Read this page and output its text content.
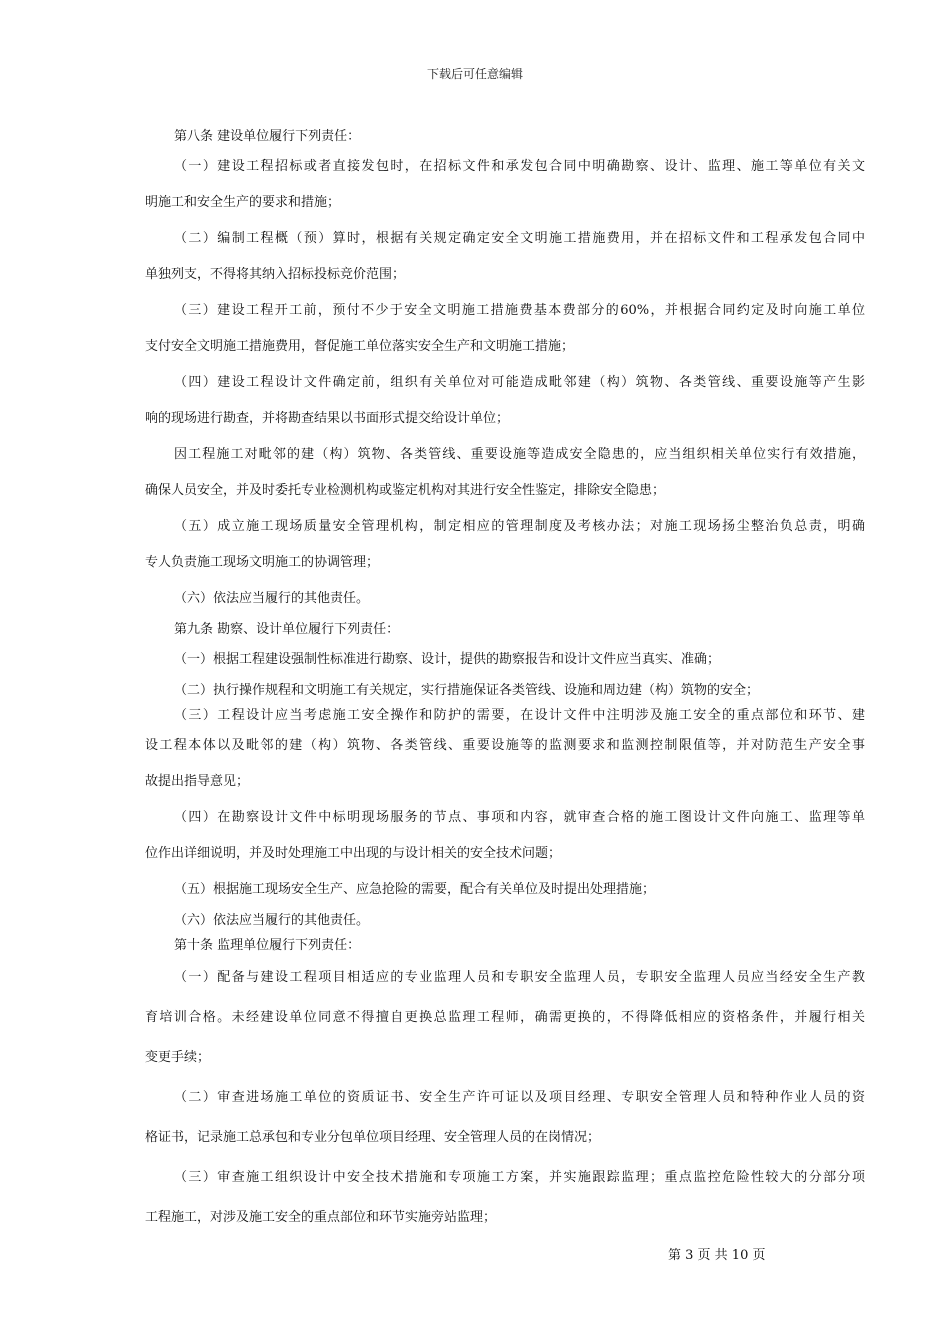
下载后可任意编辑
第八条 建设单位履行下列责任：
（一）建设工程招标或者直接发包时，在招标文件和承发包合同中明确勘察、设计、监理、施工等单位有关文
明施工和安全生产的要求和措施；
（二）编制工程概（预）算时，根据有关规定确定安全文明施工措施费用，并在招标文件和工程承发包合同中
单独列支，不得将其纳入招标投标竞价范围；
（三）建设工程开工前，预付不少于安全文明施工措施费基本费部分的60%，并根据合同约定及时向施工单位
支付安全文明施工措施费用，督促施工单位落实安全生产和文明施工措施；
（四）建设工程设计文件确定前，组织有关单位对可能造成毗邻建（构）筑物、各类管线、重要设施等产生影
响的现场进行勘查，并将勘查结果以书面形式提交给设计单位；
因工程施工对毗邻的建（构）筑物、各类管线、重要设施等造成安全隐患的，应当组织相关单位实行有效措施，
确保人员安全，并及时委托专业检测机构或鉴定机构对其进行安全性鉴定，排除安全隐患；
（五）成立施工现场质量安全管理机构，制定相应的管理制度及考核办法；对施工现场扬尘整治负总责，明确
专人负责施工现场文明施工的协调管理；
（六）依法应当履行的其他责任。
第九条 勘察、设计单位履行下列责任：
（一）根据工程建设强制性标准进行勘察、设计，提供的勘察报告和设计文件应当真实、准确；
（二）执行操作规程和文明施工有关规定，实行措施保证各类管线、设施和周边建（构）筑物的安全；
（三）工程设计应当考虑施工安全操作和防护的需要，在设计文件中注明涉及施工安全的重点部位和环节、建
设工程本体以及毗邻的建（构）筑物、各类管线、重要设施等的监测要求和监测控制限值等，并对防范生产安全事
故提出指导意见；
（四）在勘察设计文件中标明现场服务的节点、事项和内容，就审查合格的施工图设计文件向施工、监理等单
位作出详细说明，并及时处理施工中出现的与设计相关的安全技术问题；
（五）根据施工现场安全生产、应急抢险的需要，配合有关单位及时提出处理措施；
（六）依法应当履行的其他责任。
第十条 监理单位履行下列责任：
（一）配备与建设工程项目相适应的专业监理人员和专职安全监理人员，专职安全监理人员应当经安全生产教
育培训合格。未经建设单位同意不得擅自更换总监理工程师，确需更换的，不得降低相应的资格条件，并履行相关
变更手续；
（二）审查进场施工单位的资质证书、安全生产许可证以及项目经理、专职安全管理人员和特种作业人员的资
格证书，记录施工总承包和专业分包单位项目经理、安全管理人员的在岗情况；
（三）审查施工组织设计中安全技术措施和专项施工方案，并实施跟踪监理；重点监控危险性较大的分部分项
工程施工，对涉及施工安全的重点部位和环节实施旁站监理；
第 3 页 共 10 页
